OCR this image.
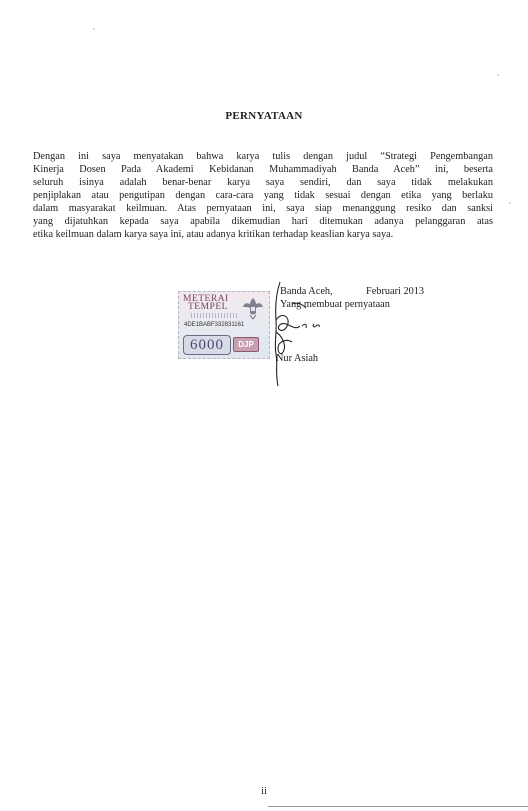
PERNYATAAN
Dengan ini saya menyatakan bahwa karya tulis dengan judul “Strategi Pengembangan
Kinerja Dosen Pada Akademi Kebidanan Muhammadiyah Banda Aceh” ini, beserta
seluruh isinya adalah benar-benar karya saya sendiri, dan saya tidak melakukan
penjiplakan atau pengutipan dengan cara-cara yang tidak sesuai dengan etika yang berlaku
dalam masyarakat keilmuan. Atas pernyataan ini, saya siap menanggung resiko dan sanksi
yang dijatuhkan kepada saya apabila dikemudian hari ditemukan adanya pelanggaran atas
etika keilmuan dalam karya saya ini, atau adanya kritikan terhadap keaslian karya saya.
METERAI
TEMPEL
4DE1BABF332831161
6000	DJP
Banda Aceh,	Februari 2013
Yang membuat pernyataan
Nur Asiah
ii
